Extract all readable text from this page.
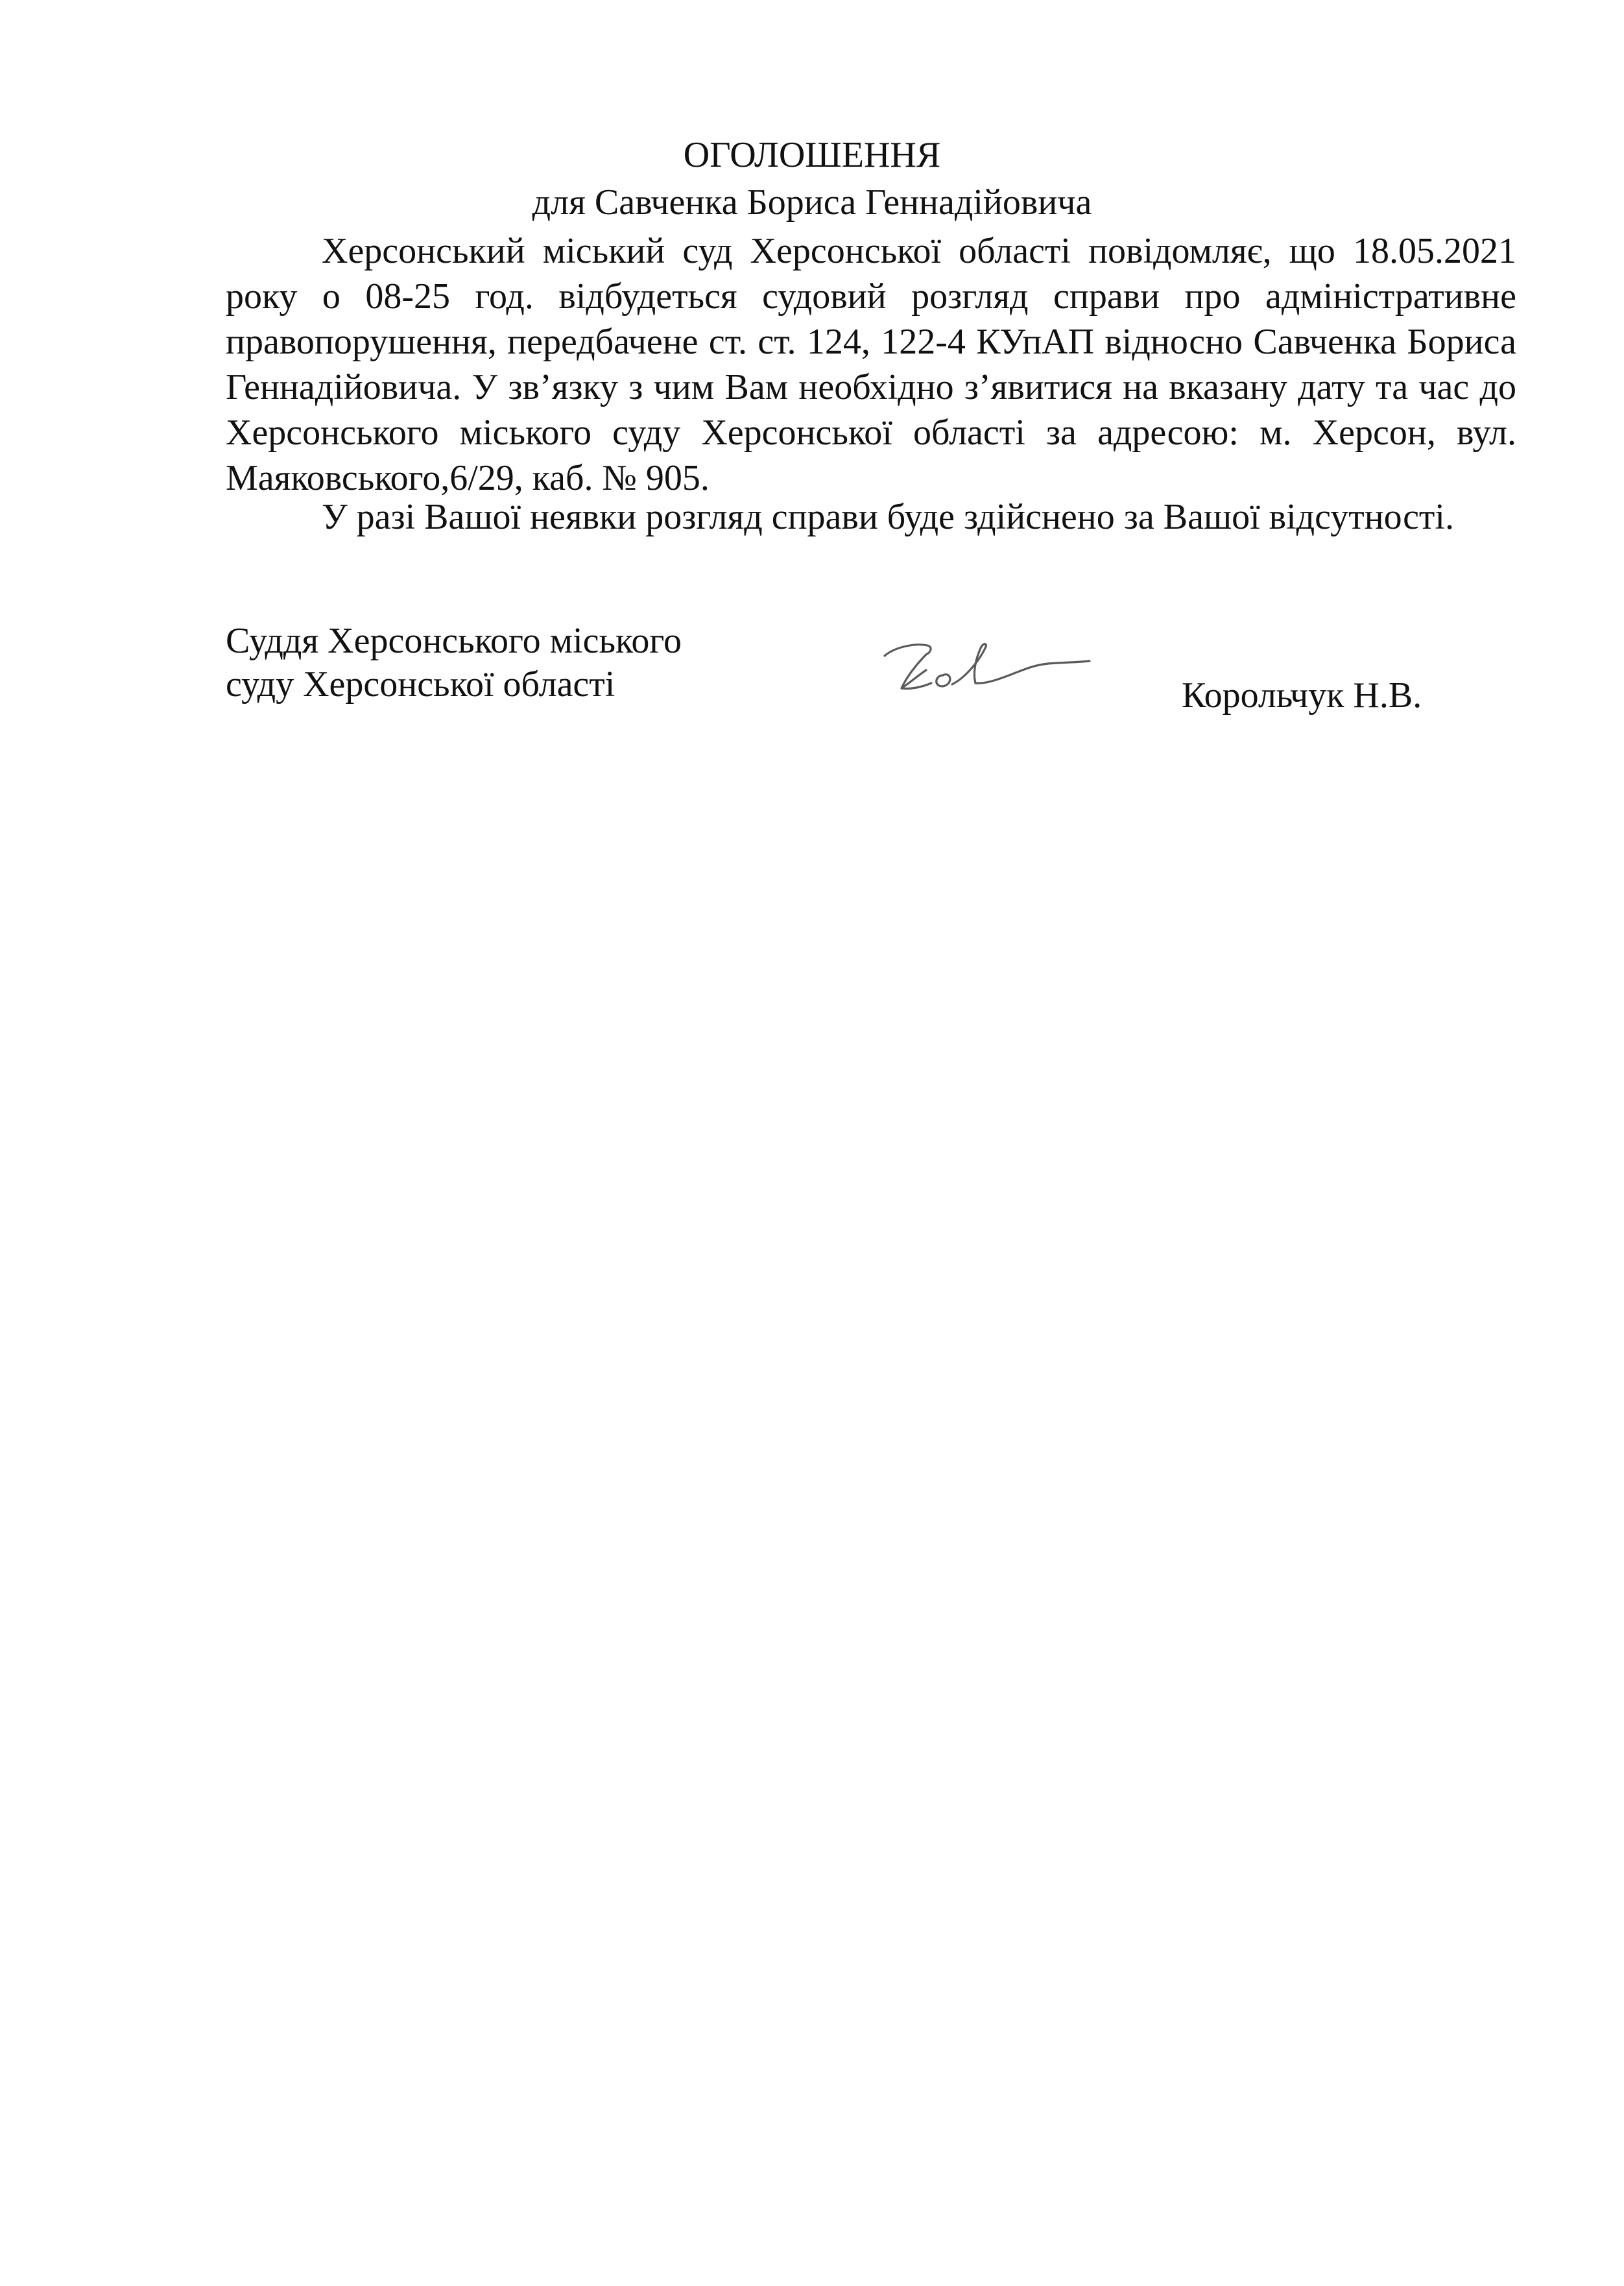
ОГОЛОШЕННЯ
для Савченка Бориса Геннадійовича

Херсонський міський суд Херсонської області повідомляє, що 18.05.2021 року о 08-25 год. відбудеться судовий розгляд справи про адміністративне правопорушення, передбачене ст. ст. 124, 122-4 КУпАП відносно Савченка Бориса Геннадійовича. У зв’язку з чим Вам необхідно з’явитися на вказану дату та час до Херсонського міського суду Херсонської області за адресою: м. Херсон, вул. Маяковського,6/29, каб. № 905.

У разі Вашої неявки розгляд справи буде здійснено за Вашої відсутності.

Суддя Херсонського міського
суду Херсонської області	Корольчук Н.В.
